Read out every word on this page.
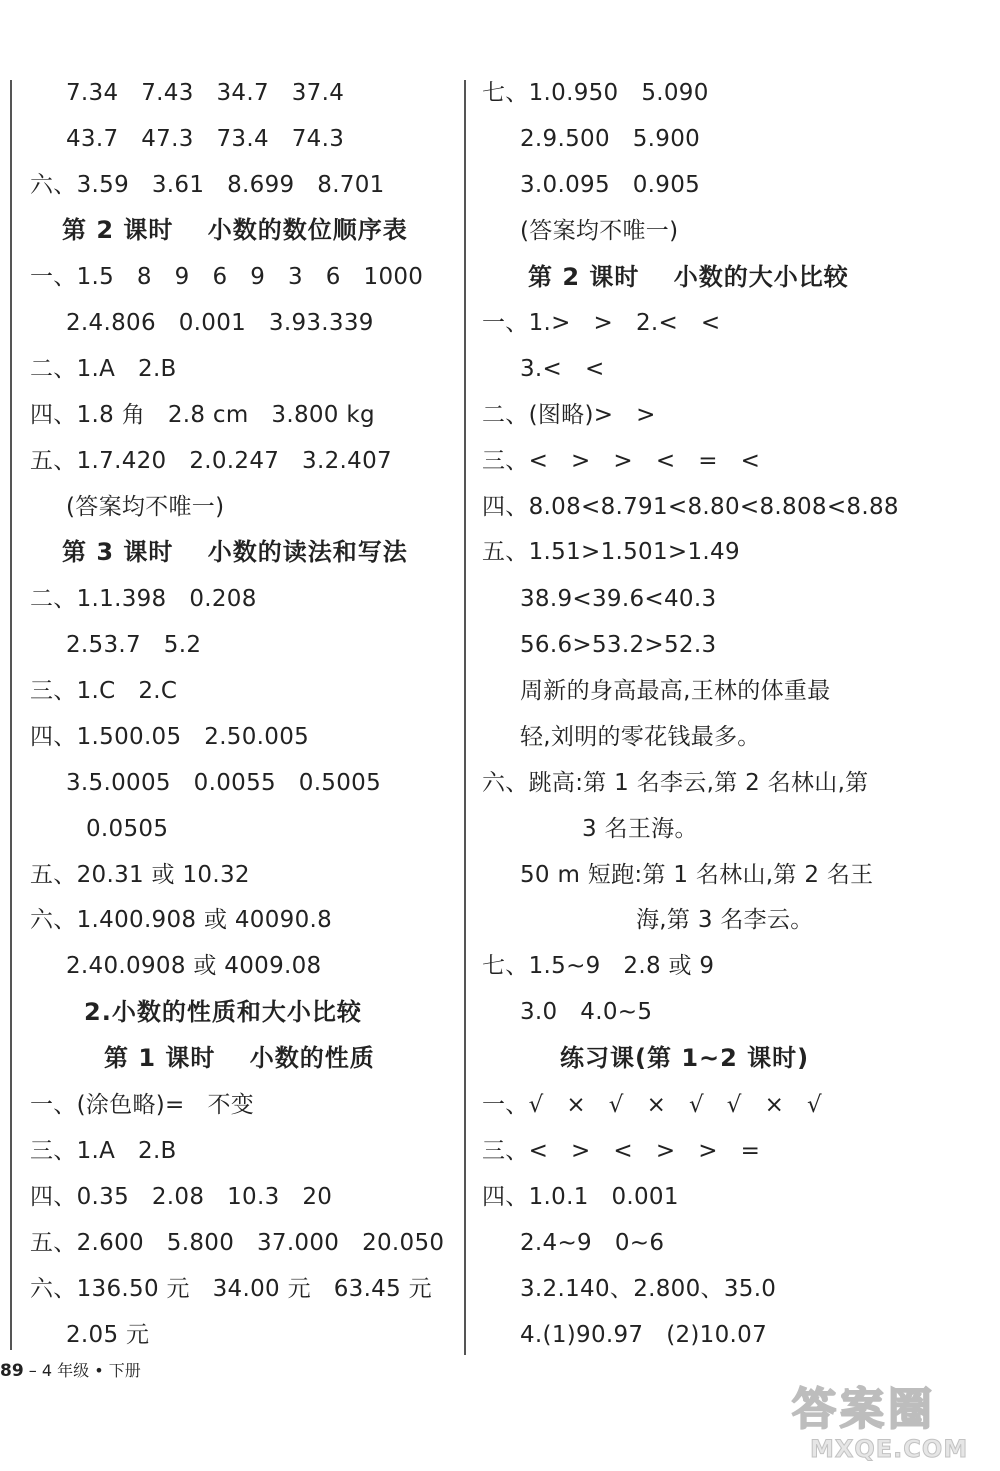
7.34   7.43   34.7   37.4
43.7   47.3   73.4   74.3
六、3.59   3.61   8.699   8.701
第 2 课时　 小数的数位顺序表
一、1.5   8   9   6   9   3   6   1000
2.4.806   0.001   3.93.339
二、1.A   2.B
四、1.8 角   2.8 cm   3.800 kg
五、1.7.420   2.0.247   3.2.407
(答案均不唯一)
第 3 课时　 小数的读法和写法
二、1.1.398   0.208
2.53.7   5.2
三、1.C   2.C
四、1.500.05   2.50.005
3.5.0005   0.0055   0.5005
0.0505
五、20.31 或 10.32
六、1.400.908 或 40090.8
2.40.0908 或 4009.08
2.小数的性质和大小比较
第 1 课时　 小数的性质
一、(涂色略)=   不变
三、1.A   2.B
四、0.35   2.08   10.3   20
五、2.600   5.800   37.000   20.050
六、136.50 元   34.00 元   63.45 元
2.05 元
七、1.0.950   5.090
2.9.500   5.900
3.0.095   0.905
(答案均不唯一)
第 2 课时　 小数的大小比较
一、1.>   >   2.<   <
3.<   <
二、(图略)>   >
三、<   >   >   <   =   <
四、8.08<8.791<8.80<8.808<8.88
五、1.51>1.501>1.49
38.9<39.6<40.3
56.6>53.2>52.3
周新的身高最高,王林的体重最
轻,刘明的零花钱最多。
六、跳高:第 1 名李云,第 2 名林山,第
3 名王海。
50 m 短跑:第 1 名林山,第 2 名王
海,第 3 名李云。
七、1.5~9   2.8 或 9
3.0   4.0~5
练习课(第 1~2 课时)
一、√   ×   √   ×   √   √   ×   √
三、<   >   <   >   >   =
四、1.0.1   0.001
2.4~9   0~6
3.2.140、2.800、35.0
4.(1)90.97   (2)10.07
89 – 4 年级 • 下册
答案圈
MXQE.COM
